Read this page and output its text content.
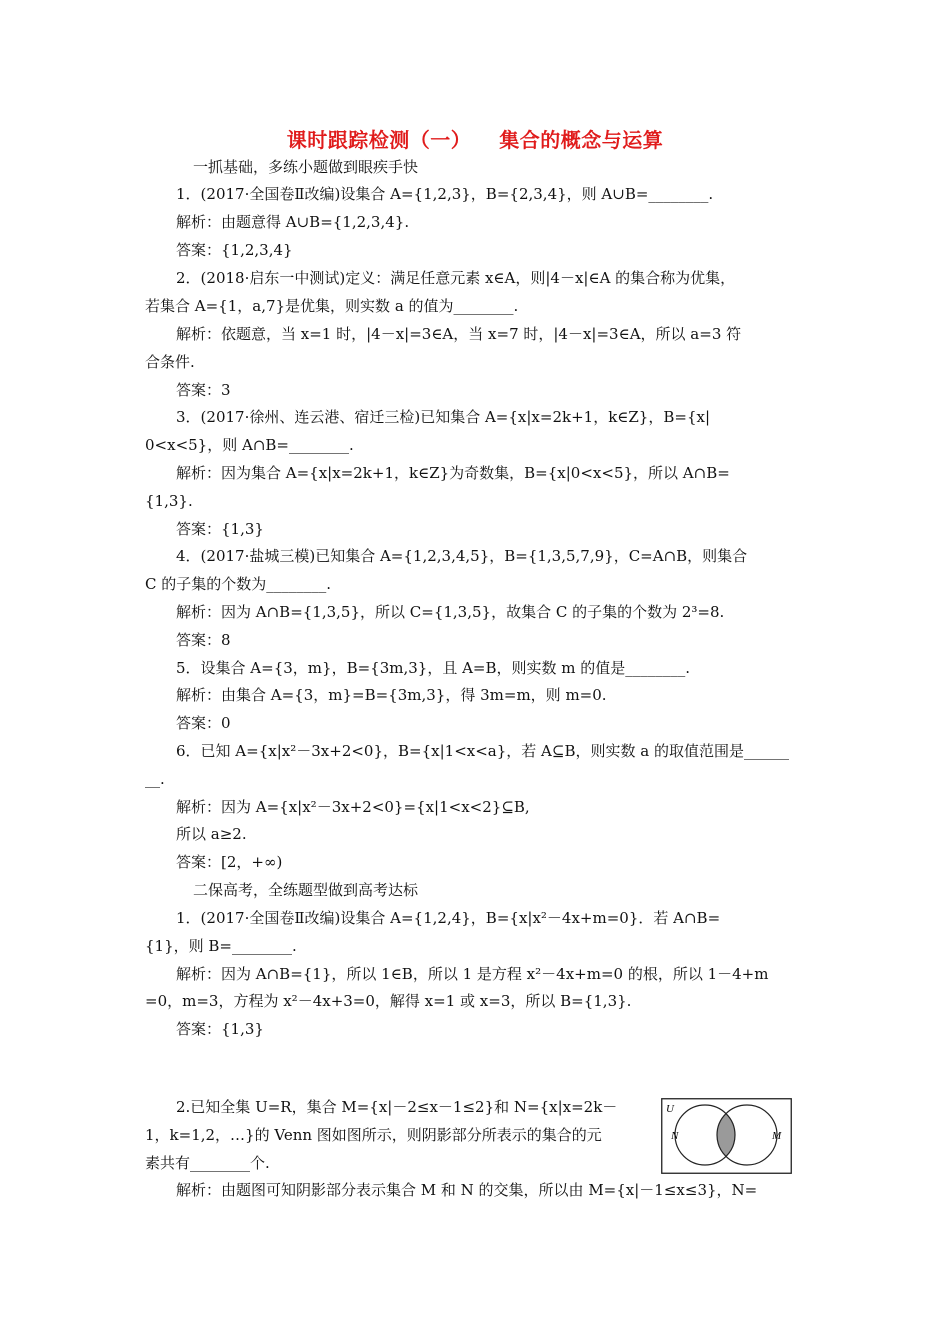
课时跟踪检测（一） 集合的概念与运算
一抓基础，多练小题做到眼疾手快
1．(2017·全国卷Ⅱ改编)设集合 A={1,2,3}，B={2,3,4}，则 A∪B=________.
解析：由题意得 A∪B={1,2,3,4}.
答案：{1,2,3,4}
2．(2018·启东一中测试)定义：满足任意元素 x∈A，则|4－x|∈A 的集合称为优集，
若集合 A={1，a,7}是优集，则实数 a 的值为________.
解析：依题意，当 x=1 时，|4－x|=3∈A，当 x=7 时，|4－x|=3∈A，所以 a=3 符
合条件.
答案：3
3．(2017·徐州、连云港、宿迁三检)已知集合 A={x|x=2k+1，k∈Z}，B={x|
0<x<5}，则 A∩B=________.
解析：因为集合 A={x|x=2k+1，k∈Z}为奇数集，B={x|0<x<5}，所以 A∩B=
{1,3}.
答案：{1,3}
4．(2017·盐城三模)已知集合 A={1,2,3,4,5}，B={1,3,5,7,9}，C=A∩B，则集合
C 的子集的个数为________.
解析：因为 A∩B={1,3,5}，所以 C={1,3,5}，故集合 C 的子集的个数为 2³=8.
答案：8
5．设集合 A={3，m}，B={3m,3}，且 A=B，则实数 m 的值是________.
解析：由集合 A={3，m}=B={3m,3}，得 3m=m，则 m=0.
答案：0
6．已知 A={x|x²－3x+2<0}，B={x|1<x<a}，若 A⊆B，则实数 a 的取值范围是______
__.
解析：因为 A={x|x²－3x+2<0}={x|1<x<2}⊆B,
所以 a≥2.
答案：[2，+∞)
二保高考，全练题型做到高考达标
1．(2017·全国卷Ⅱ改编)设集合 A={1,2,4}，B={x|x²－4x+m=0}．若 A∩B=
{1}，则 B=________.
解析：因为 A∩B={1}，所以 1∈B，所以 1 是方程 x²－4x+m=0 的根，所以 1－4+m
=0，m=3，方程为 x²－4x+3=0，解得 x=1 或 x=3，所以 B={1,3}.
答案：{1,3}
2.已知全集 U=R，集合 M={x|－2≤x－1≤2}和 N={x|x=2k－
1，k=1,2，…}的 Venn 图如图所示，则阴影部分所表示的集合的元
素共有________个.
解析：由题图可知阴影部分表示集合 M 和 N 的交集，所以由 M={x|－1≤x≤3}，N=
U
N	M
